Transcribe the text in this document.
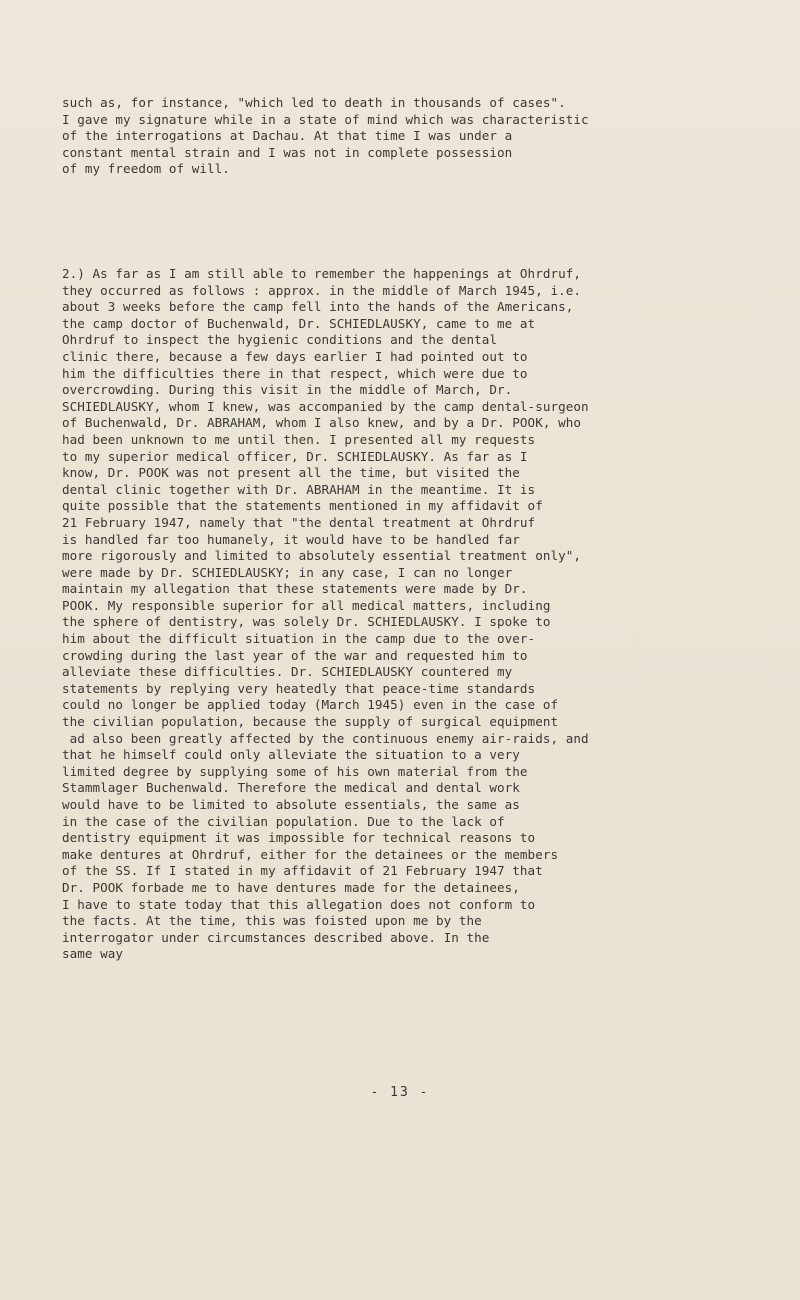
such as, for instance, "which led to death in thousands of cases".
I gave my signature while in a state of mind which was characteristic
of the interrogations at Dachau. At that time I was under a
constant mental strain and I was not in complete possession
of my freedom of will.
2.) As far as I am still able to remember the happenings at Ohrdruf,
they occurred as follows : approx. in the middle of March 1945, i.e.
about 3 weeks before the camp fell into the hands of the Americans,
the camp doctor of Buchenwald, Dr. SCHIEDLAUSKY, came to me at
Ohrdruf to inspect the hygienic conditions and the dental
clinic there, because a few days earlier I had pointed out to
him the difficulties there in that respect, which were due to
overcrowding. During this visit in the middle of March, Dr.
SCHIEDLAUSKY, whom I knew, was accompanied by the camp dental-surgeon
of Buchenwald, Dr. ABRAHAM, whom I also knew, and by a Dr. POOK, who
had been unknown to me until then. I presented all my requests
to my superior medical officer, Dr. SCHIEDLAUSKY. As far as I
know, Dr. POOK was not present all the time, but visited the
dental clinic together with Dr. ABRAHAM in the meantime. It is
quite possible that the statements mentioned in my affidavit of
21 February 1947, namely that "the dental treatment at Ohrdruf
is handled far too humanely, it would have to be handled far
more rigorously and limited to absolutely essential treatment only",
were made by Dr. SCHIEDLAUSKY; in any case, I can no longer
maintain my allegation that these statements were made by Dr.
POOK. My responsible superior for all medical matters, including
the sphere of dentistry, was solely Dr. SCHIEDLAUSKY. I spoke to
him about the difficult situation in the camp due to the over-
crowding during the last year of the war and requested him to
alleviate these difficulties. Dr. SCHIEDLAUSKY countered my
statements by replying very heatedly that peace-time standards
could no longer be applied today (March 1945) even in the case of
the civilian population, because the supply of surgical equipment
ad also been greatly affected by the continuous enemy air-raids, and
that he himself could only alleviate the situation to a very
limited degree by supplying some of his own material from the
Stammlager Buchenwald. Therefore the medical and dental work
would have to be limited to absolute essentials, the same as
in the case of the civilian population. Due to the lack of
dentistry equipment it was impossible for technical reasons to
make dentures at Ohrdruf, either for the detainees or the members
of the SS. If I stated in my affidavit of 21 February 1947 that
Dr. POOK forbade me to have dentures made for the detainees,
I have to state today that this allegation does not conform to
the facts. At the time, this was foisted upon me by the
interrogator under circumstances described above. In the
same way
- 13 -
